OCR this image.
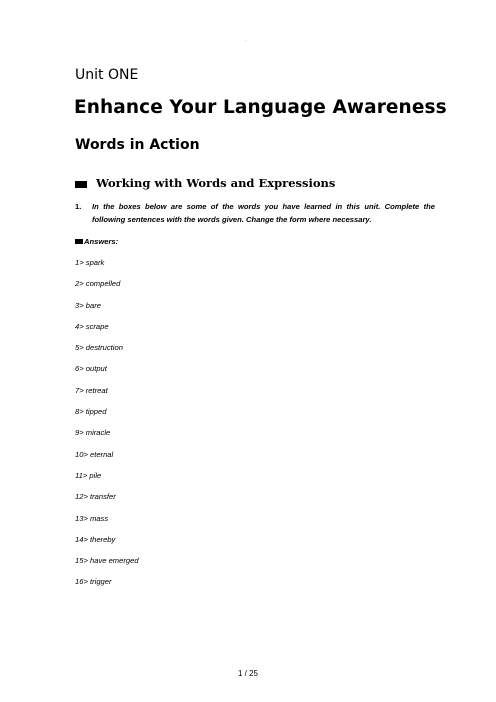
·
Unit ONE
Enhance Your Language Awareness
Words in Action
Working with Words and Expressions
1. In the boxes below are some of the words you have learned in this unit. Complete the following sentences with the words given. Change the form where necessary.
Answers:
1> spark
2> compelled
3> bare
4> scrape
5> destruction
6> output
7> retreat
8> tipped
9> miracle
10> eternal
11> pile
12> transfer
13> mass
14> thereby
15> have emerged
16> trigger
1 / 25
